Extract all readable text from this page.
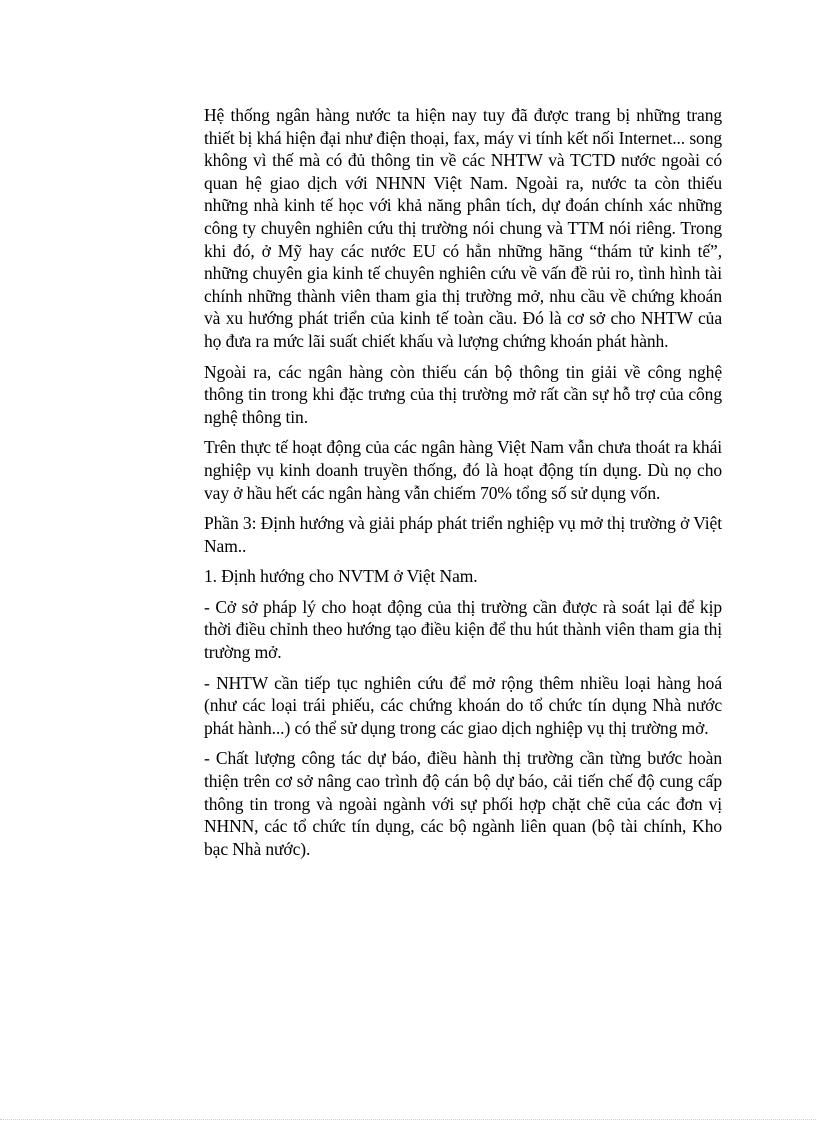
Hệ thống ngân hàng nước ta hiện nay tuy đã được trang bị những trang thiết bị khá hiện đại như điện thoại, fax, máy vi tính kết nối Internet... song không vì thế mà có đủ thông tin về các NHTW và TCTD nước ngoài có quan hệ giao dịch với NHNN Việt Nam. Ngoài ra, nước ta còn thiếu những nhà kinh tế học với khả năng phân tích, dự đoán chính xác những công ty chuyên nghiên cứu thị trường nói chung và TTM nói riêng. Trong khi đó, ở Mỹ hay các nước EU có hẳn những hãng “thám tử kinh tế”, những chuyên gia kinh tế chuyên nghiên cứu về vấn đề rủi ro, tình hình tài chính những thành viên tham gia thị trường mở, nhu cầu về chứng khoán và xu hướng phát triển của kinh tế toàn cầu. Đó là cơ sở cho NHTW của họ đưa ra mức lãi suất chiết khấu và lượng chứng khoán phát hành.

Ngoài ra, các ngân hàng còn thiếu cán bộ thông tin giải về công nghệ thông tin trong khi đặc trưng của thị trường mở rất cần sự hỗ trợ của công nghệ thông tin.

Trên thực tế hoạt động của các ngân hàng Việt Nam vẫn chưa thoát ra khái nghiệp vụ kinh doanh truyền thống, đó là hoạt động tín dụng. Dù nọ cho vay ở hầu hết các ngân hàng vẫn chiếm 70% tổng số sử dụng vốn.

Phần 3: Định hướng và giải pháp phát triển nghiệp vụ mở thị trường ở Việt Nam..

1. Định hướng cho NVTM ở Việt Nam.

- Cở sở pháp lý cho hoạt động của thị trường cần được rà soát lại để kịp thời điều chỉnh theo hướng tạo điều kiện để thu hút thành viên tham gia thị trường mở.

- NHTW cần tiếp tục nghiên cứu để mở rộng thêm nhiều loại hàng hoá (như các loại trái phiếu, các chứng khoán do tổ chức tín dụng Nhà nước phát hành...) có thể sử dụng trong các giao dịch nghiệp vụ thị trường mở.

- Chất lượng công tác dự báo, điều hành thị trường cần từng bước hoàn thiện trên cơ sở nâng cao trình độ cán bộ dự báo, cải tiến chế độ cung cấp thông tin trong và ngoài ngành với sự phối hợp chặt chẽ của các đơn vị NHNN, các tổ chức tín dụng, các bộ ngành liên quan (bộ tài chính, Kho bạc Nhà nước).
